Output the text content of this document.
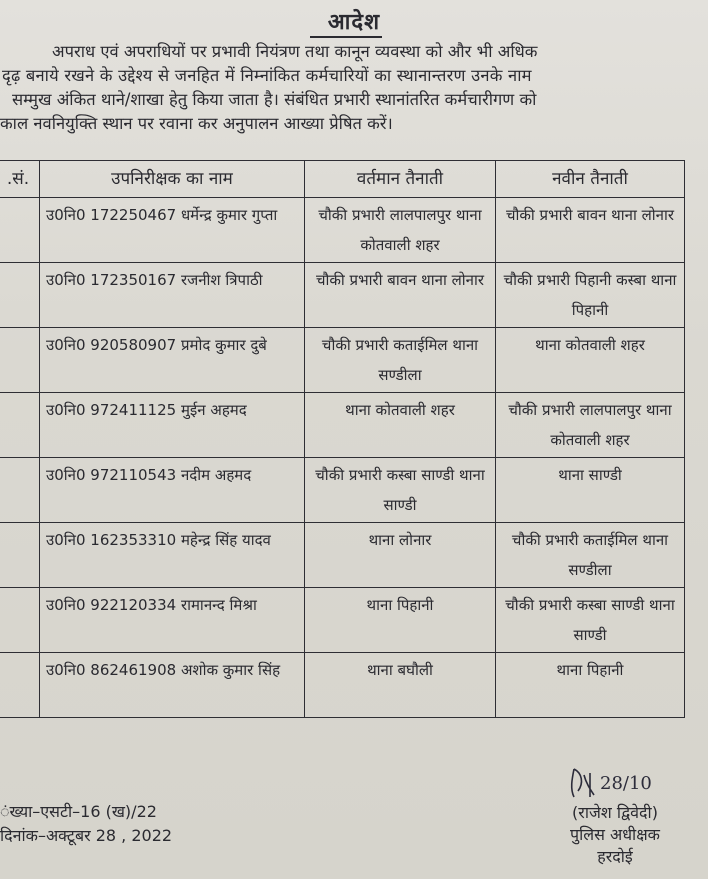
आदेश
अपराध एवं अपराधियों पर प्रभावी नियंत्रण तथा कानून व्यवस्था को और भी अधिक
दृढ़ बनाये रखने के उद्देश्य से जनहित में निम्नांकित कर्मचारियों का स्थानान्तरण उनके नाम
सम्मुख अंकित थाने/शाखा हेतु किया जाता है। संबंधित प्रभारी स्थानांतरित कर्मचारीगण को
काल नवनियुक्ति स्थान पर रवाना कर अनुपालन आख्या प्रेषित करें।
.सं.	उपनिरीक्षक का नाम	वर्तमान तैनाती	नवीन तैनाती
	उ0नि0 172250467 धर्मेन्द्र कुमार गुप्ता	चौकी प्रभारी लालपालपुर थाना कोतवाली शहर	चौकी प्रभारी बावन थाना लोनार
	उ0नि0 172350167 रजनीश त्रिपाठी	चौकी प्रभारी बावन थाना लोनार	चौकी प्रभारी पिहानी कस्बा थाना पिहानी
	उ0नि0 920580907 प्रमोद कुमार दुबे	चौकी प्रभारी कताईमिल थाना सण्डीला	थाना कोतवाली शहर
	उ0नि0 972411125 मुईन अहमद	थाना कोतवाली शहर	चौकी प्रभारी लालपालपुर थाना कोतवाली शहर
	उ0नि0 972110543 नदीम अहमद	चौकी प्रभारी कस्बा साण्डी थाना साण्डी	थाना साण्डी
	उ0नि0 162353310 महेन्द्र सिंह यादव	थाना लोनार	चौकी प्रभारी कताईमिल थाना सण्डीला
	उ0नि0 922120334 रामानन्द मिश्रा	थाना पिहानी	चौकी प्रभारी कस्बा साण्डी थाना साण्डी
	उ0नि0 862461908 अशोक कुमार सिंह	थाना बघौली	थाना पिहानी
ंख्या–एसटी–16 (ख)/22
दिनांक–अक्टूबर 28 , 2022
28/10
(राजेश द्विवेदी)
पुलिस अधीक्षक
हरदोई
